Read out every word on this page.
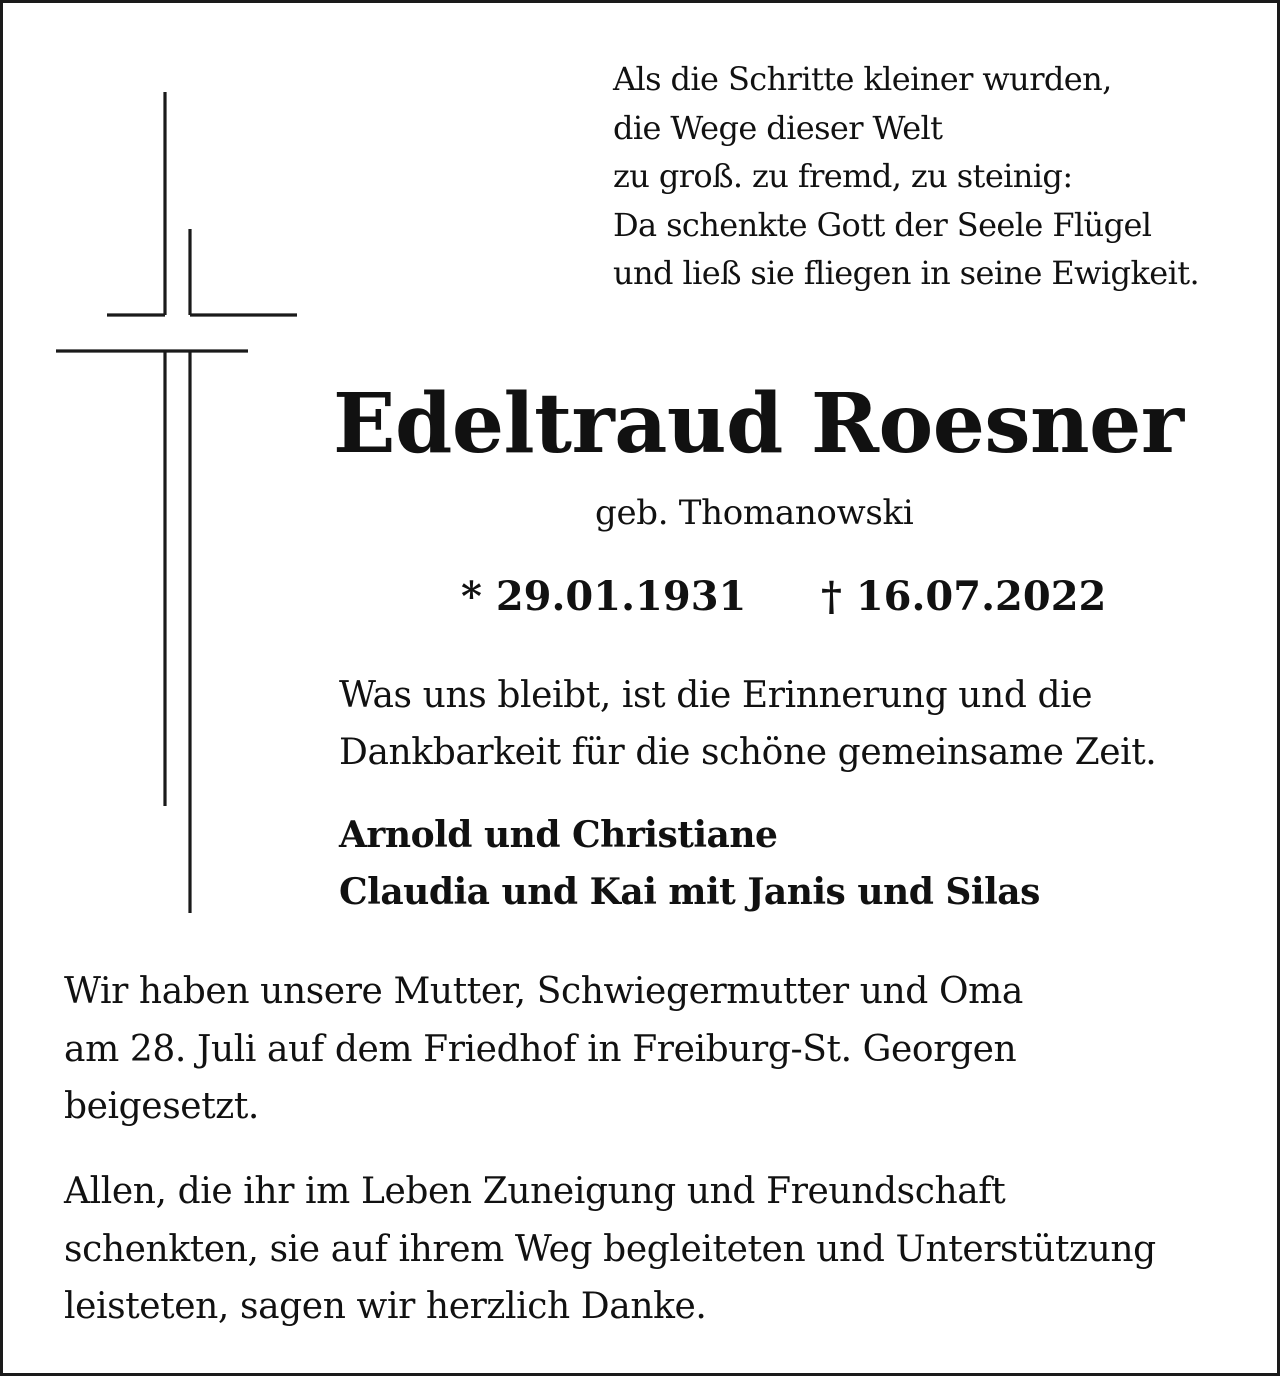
Als die Schritte kleiner wurden,
die Wege dieser Welt
zu groß. zu fremd, zu steinig:
Da schenkte Gott der Seele Flügel
und ließ sie fliegen in seine Ewigkeit.
Edeltraud Roesner
geb. Thomanowski
* 29.01.1931 † 16.07.2022
Was uns bleibt, ist die Erinnerung und die
Dankbarkeit für die schöne gemeinsame Zeit.
Arnold und Christiane
Claudia und Kai mit Janis und Silas
Wir haben unsere Mutter, Schwiegermutter und Oma
am 28. Juli auf dem Friedhof in Freiburg-St. Georgen
beigesetzt.
Allen, die ihr im Leben Zuneigung und Freundschaft
schenkten, sie auf ihrem Weg begleiteten und Unterstützung
leisteten, sagen wir herzlich Danke.
